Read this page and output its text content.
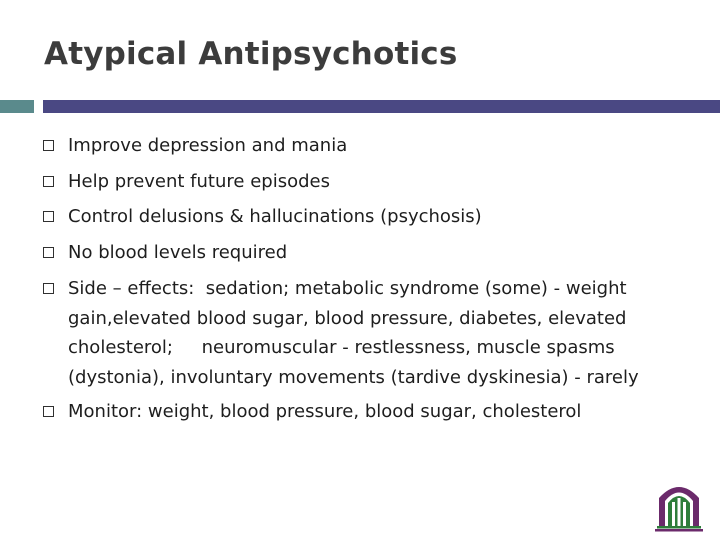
Atypical Antipsychotics
Improve depression and mania
Help prevent future episodes
Control delusions & hallucinations (psychosis)
No blood levels required
Side – effects:  sedation; metabolic syndrome (some) - weight gain,elevated blood sugar, blood pressure, diabetes, elevated cholesterol;     neuromuscular - restlessness, muscle spasms (dystonia), involuntary movements (tardive dyskinesia) - rarely
Monitor: weight, blood pressure, blood sugar, cholesterol
